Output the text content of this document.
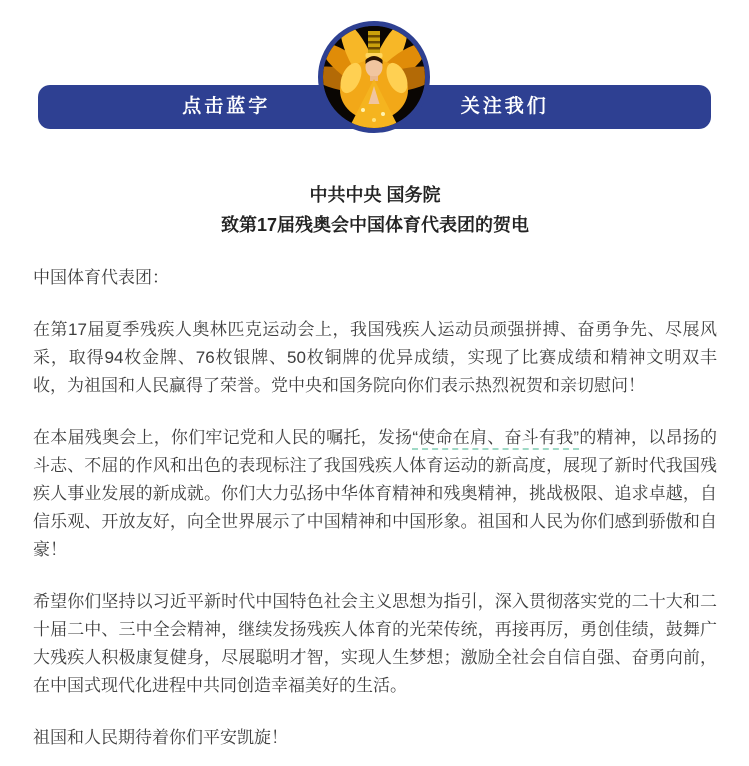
点击蓝字	关注我们
中共中央 国务院
致第17届残奥会中国体育代表团的贺电

中国体育代表团：

在第17届夏季残疾人奥林匹克运动会上，我国残疾人运动员顽强拼搏、奋勇争先、尽展风采，取得94枚金牌、76枚银牌、50枚铜牌的优异成绩，实现了比赛成绩和精神文明双丰收，为祖国和人民赢得了荣誉。党中央和国务院向你们表示热烈祝贺和亲切慰问！

在本届残奥会上，你们牢记党和人民的嘱托，发扬“使命在肩、奋斗有我”的精神，以昂扬的斗志、不屈的作风和出色的表现标注了我国残疾人体育运动的新高度，展现了新时代我国残疾人事业发展的新成就。你们大力弘扬中华体育精神和残奥精神，挑战极限、追求卓越，自信乐观、开放友好，向全世界展示了中国精神和中国形象。祖国和人民为你们感到骄傲和自豪！

希望你们坚持以习近平新时代中国特色社会主义思想为指引，深入贯彻落实党的二十大和二十届二中、三中全会精神，继续发扬残疾人体育的光荣传统，再接再厉，勇创佳绩，鼓舞广大残疾人积极康复健身，尽展聪明才智，实现人生梦想；激励全社会自信自强、奋勇向前，在中国式现代化进程中共同创造幸福美好的生活。

祖国和人民期待着你们平安凯旋！
